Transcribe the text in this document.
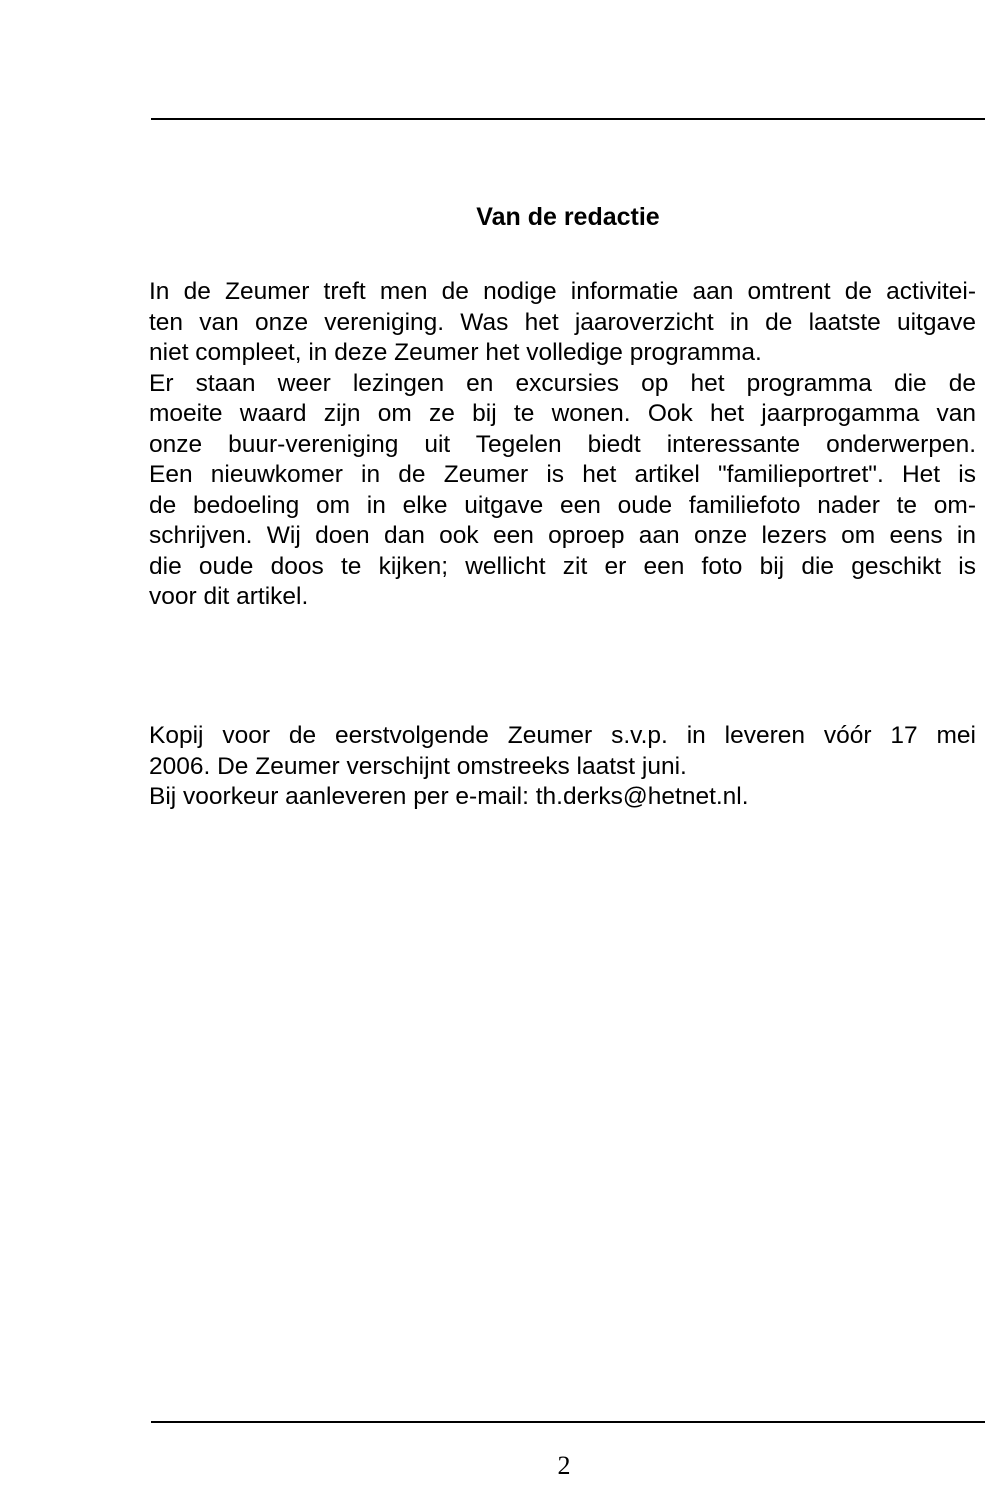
Van de redactie
In de Zeumer treft men de nodige informatie aan omtrent de activitei-
ten van onze vereniging. Was het jaaroverzicht in de laatste uitgave
niet compleet, in deze Zeumer het volledige programma.
Er staan weer lezingen en excursies op het programma die de
moeite waard zijn om ze bij te wonen. Ook het jaarprogamma van
onze buur-vereniging uit Tegelen biedt interessante onderwerpen.
Een nieuwkomer in de Zeumer is het artikel "familieportret". Het is
de bedoeling om in elke uitgave een oude familiefoto nader te om-
schrijven. Wij doen dan ook een oproep aan onze lezers om eens in
die oude doos te kijken; wellicht zit er een foto bij die geschikt is
voor dit artikel.
Kopij voor de eerstvolgende Zeumer s.v.p. in leveren vóór 17 mei
2006. De Zeumer verschijnt omstreeks laatst juni.
Bij voorkeur aanleveren per e-mail: th.derks@hetnet.nl.
2
